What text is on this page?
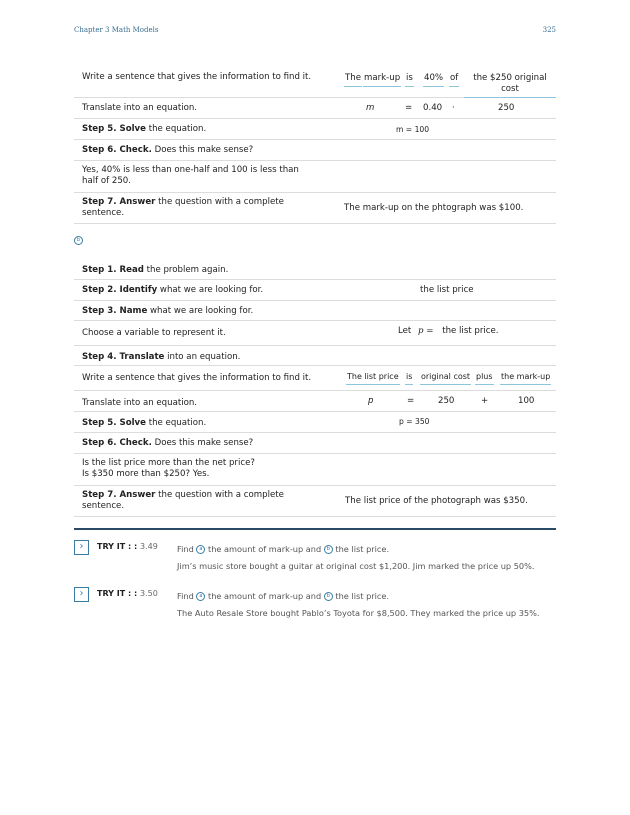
Chapter 3 Math Models	325
Write a sentence that gives the information to find it.	The mark-up is 40% of	the $250 original cost
Translate into an equation.	m	= 0.40 ·	250
Step 5. Solve the equation.	m = 100
Step 6. Check. Does this make sense?
Yes, 40% is less than one-half and 100 is less than half of 250.
Step 7. Answer the question with a complete sentence.	The mark-up on the phtograph was $100.
b
Step 1. Read the problem again.
Step 2. Identify what we are looking for.	the list price
Step 3. Name what we are looking for.
Choose a variable to represent it.	Let p = the list price.
Step 4. Translate into an equation.
Write a sentence that gives the information to find it.	The list price is original cost plus the mark-up
Translate into an equation.	p	=	250	+	100
Step 5. Solve the equation.	p = 350
Step 6. Check. Does this make sense?
Is the list price more than the net price?
Is $350 more than $250? Yes.
Step 7. Answer the question with a complete sentence.	The list price of the photograph was $350.
›	TRY IT : : 3.49 Find a the amount of mark-up and b the list price.
Jim’s music store bought a guitar at original cost $1,200. Jim marked the price up 50%.
›	TRY IT : : 3.50 Find a the amount of mark-up and b the list price.
The Auto Resale Store bought Pablo’s Toyota for $8,500. They marked the price up 35%.
